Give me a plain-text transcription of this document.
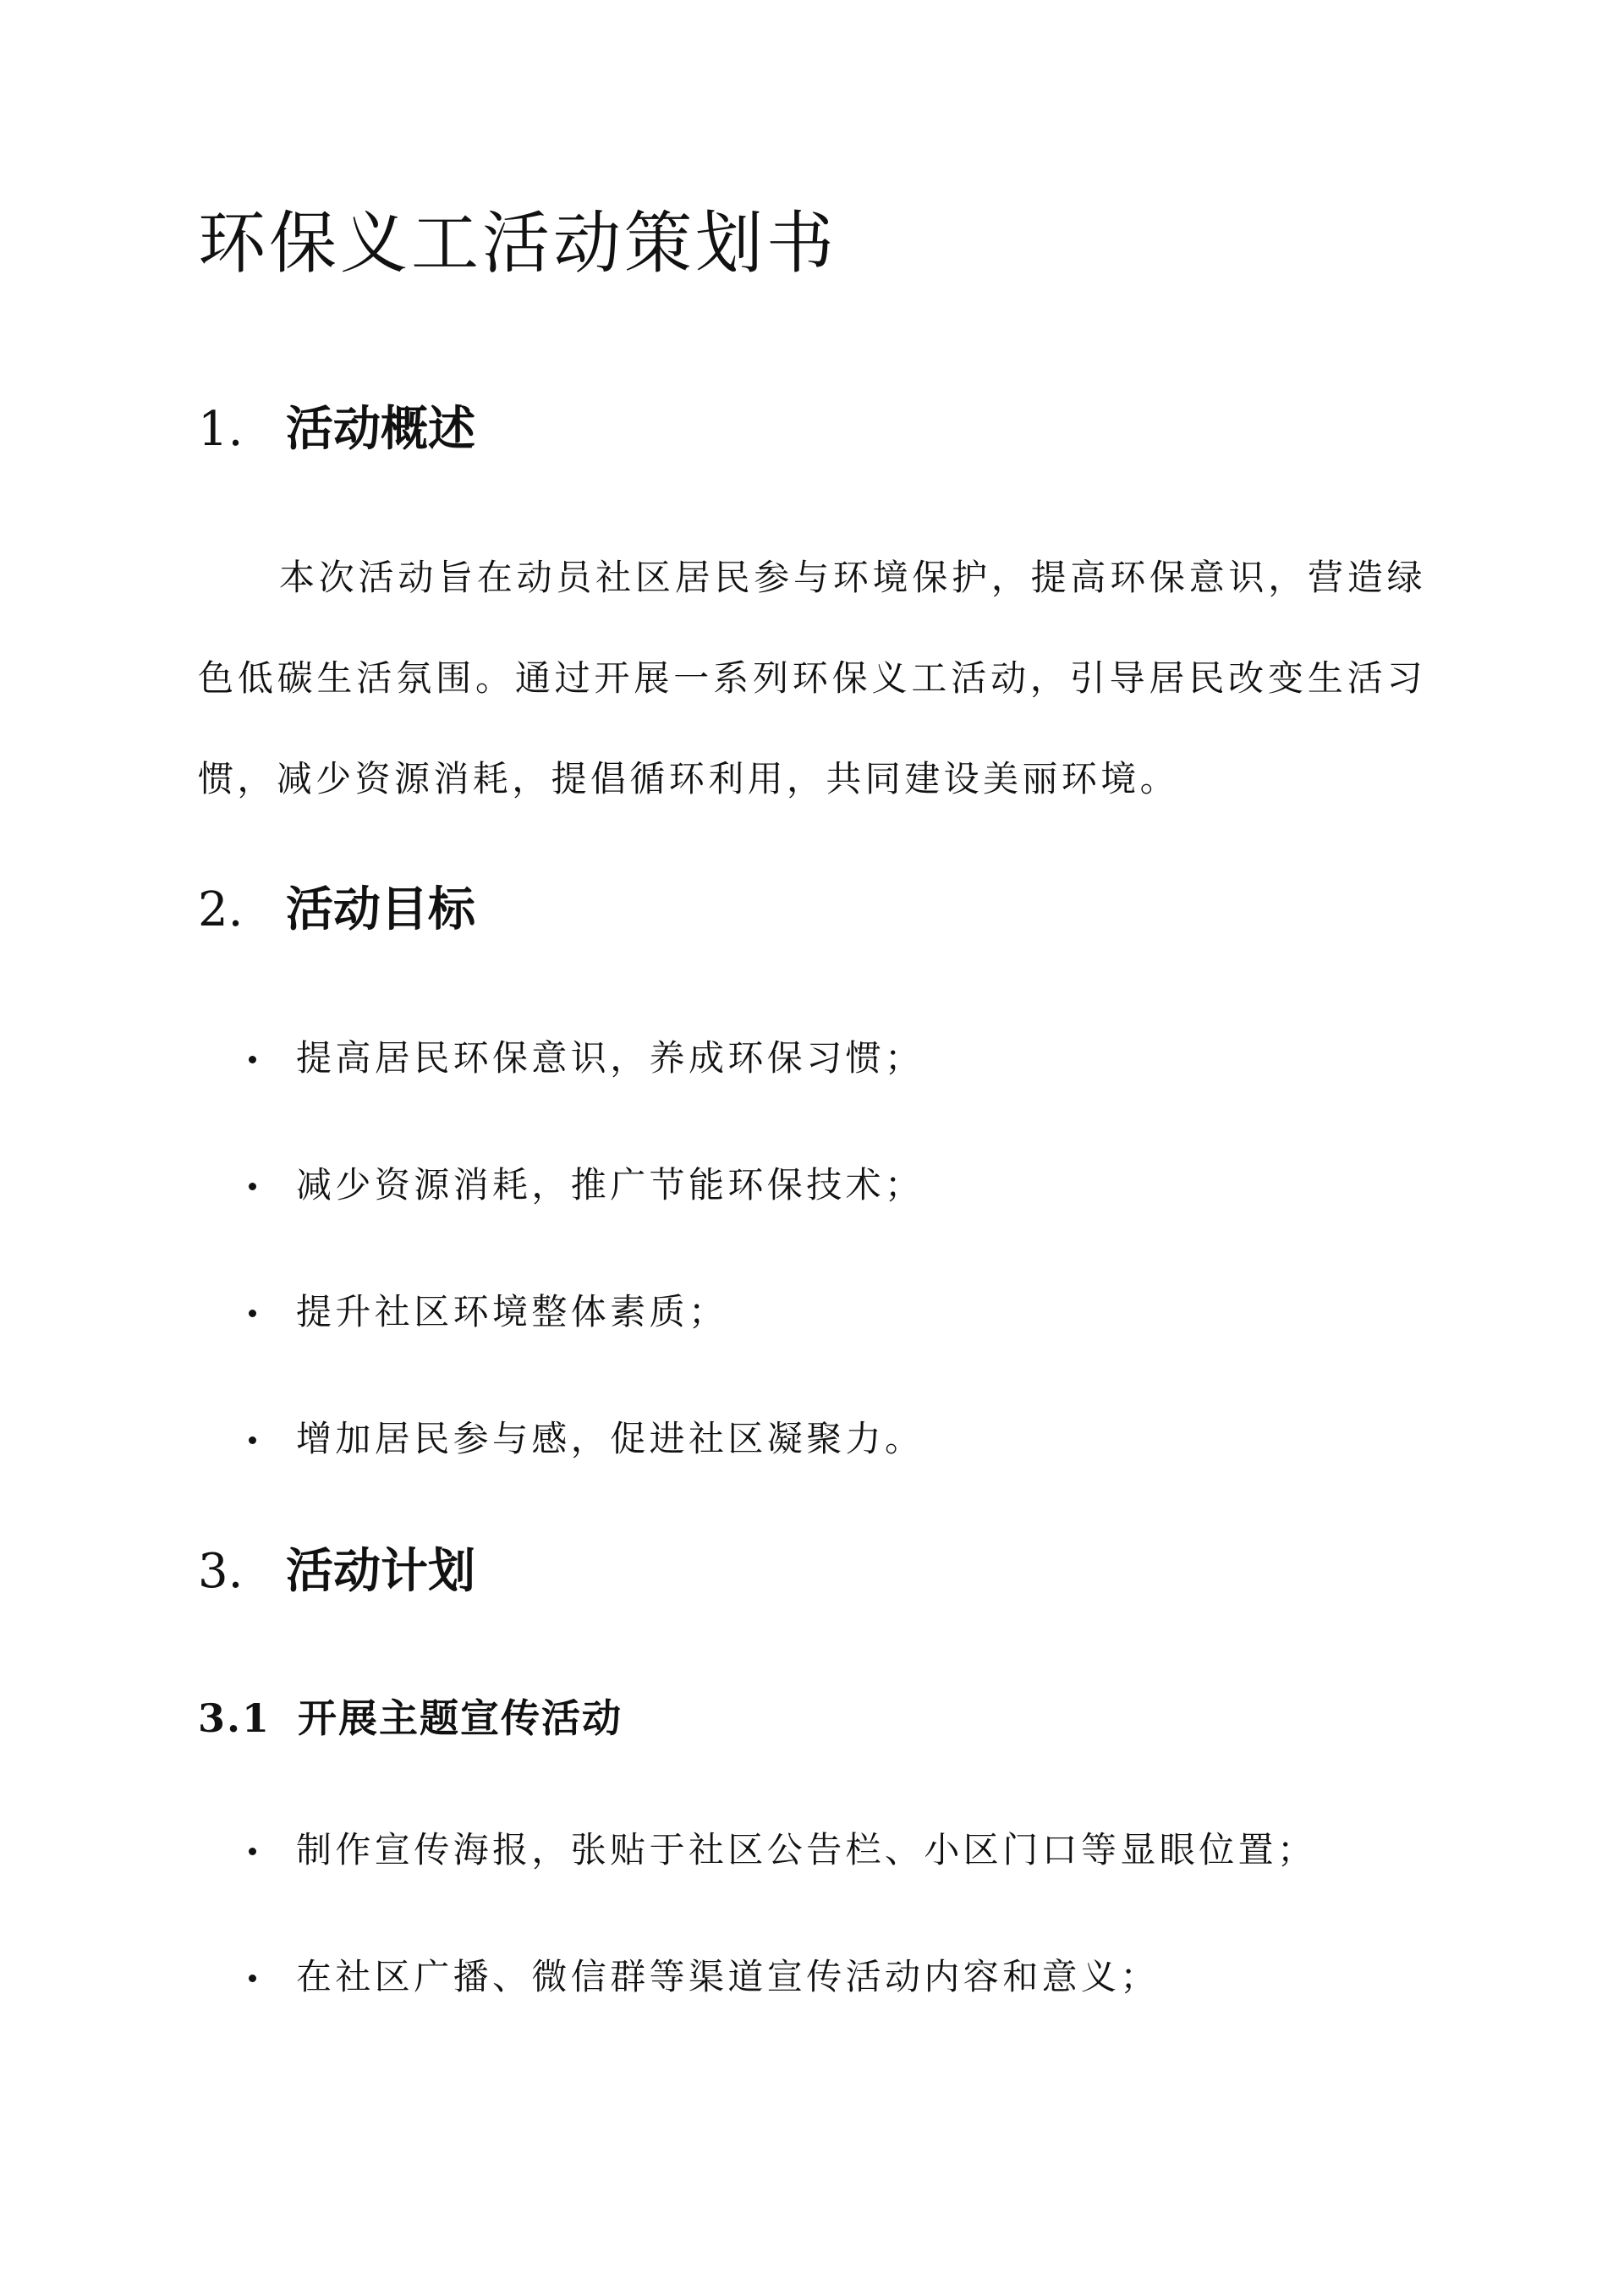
环保义工活动策划书
1. 活动概述

本次活动旨在动员社区居民参与环境保护，提高环保意识，营造绿色低碳生活氛围。通过开展一系列环保义工活动，引导居民改变生活习惯，减少资源消耗，提倡循环利用，共同建设美丽环境。

2. 活动目标
提高居民环保意识，养成环保习惯；
减少资源消耗，推广节能环保技术；
提升社区环境整体素质；
增加居民参与感，促进社区凝聚力。
3. 活动计划
3.1 开展主题宣传活动
制作宣传海报，张贴于社区公告栏、小区门口等显眼位置；
在社区广播、微信群等渠道宣传活动内容和意义；
